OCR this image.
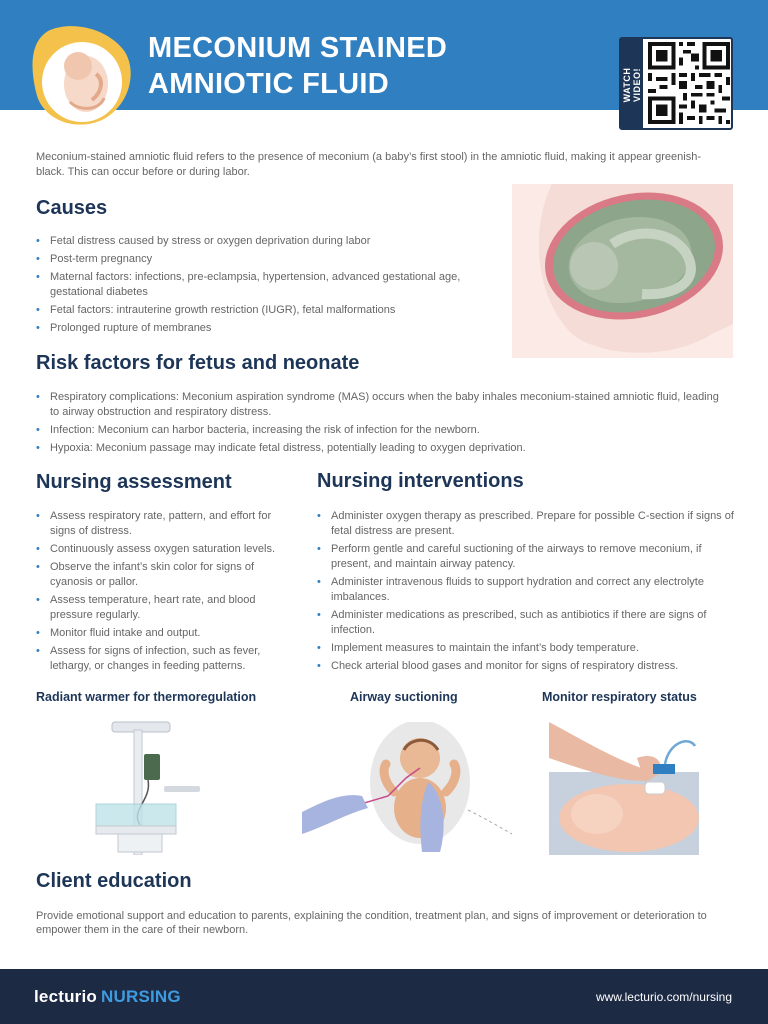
MECONIUM STAINED
AMNIOTIC FLUID	WATCH VIDEO!

Meconium-stained amniotic fluid refers to the presence of meconium (a baby’s first stool) in the amniotic fluid, making it appear greenish-black. This can occur before or during labor.

Causes
• Fetal distress caused by stress or oxygen deprivation during labor
• Post-term pregnancy
• Maternal factors: infections, pre-eclampsia, hypertension, advanced gestational age, gestational diabetes
• Fetal factors: intrauterine growth restriction (IUGR), fetal malformations
• Prolonged rupture of membranes
Risk factors for fetus and neonate
• Respiratory complications: Meconium aspiration syndrome (MAS) occurs when the baby inhales meconium-stained amniotic fluid, leading to airway obstruction and respiratory distress.
• Infection: Meconium can harbor bacteria, increasing the risk of infection for the newborn.
• Hypoxia: Meconium passage may indicate fetal distress, potentially leading to oxygen deprivation.
Nursing assessment
• Assess respiratory rate, pattern, and effort for signs of distress.
• Continuously assess oxygen saturation levels.
• Observe the infant’s skin color for signs of cyanosis or pallor.
• Assess temperature, heart rate, and blood pressure regularly.
• Monitor fluid intake and output.
• Assess for signs of infection, such as fever, lethargy, or changes in feeding patterns.
Nursing interventions
• Administer oxygen therapy as prescribed. Prepare for possible C-section if signs of fetal distress are present.
• Perform gentle and careful suctioning of the airways to remove meconium, if present, and maintain airway patency.
• Administer intravenous fluids to support hydration and correct any electrolyte imbalances.
• Administer medications as prescribed, such as antibiotics if there are signs of infection.
• Implement measures to maintain the infant’s body temperature.
• Check arterial blood gases and monitor for signs of respiratory distress.
Radiant warmer for thermoregulation	Airway suctioning	Monitor respiratory status
Client education

Provide emotional support and education to parents, explaining the condition, treatment plan, and signs of improvement or deterioration to empower them in the care of their newborn.

lecturio NURSING	www.lecturio.com/nursing
